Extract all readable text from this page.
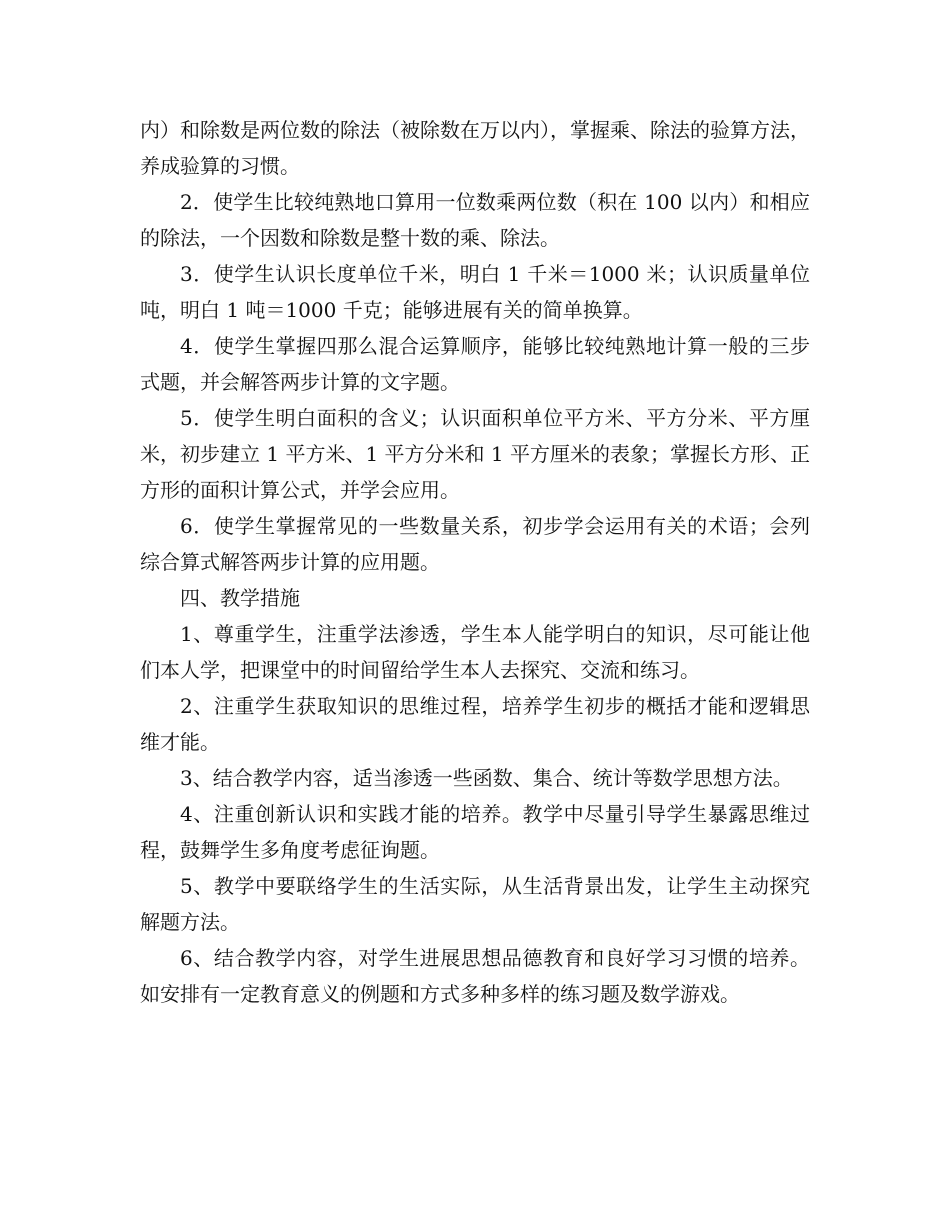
内）和除数是两位数的除法（被除数在万以内），掌握乘、除法的验算方法，养成验算的习惯。

2．使学生比较纯熟地口算用一位数乘两位数（积在 100 以内）和相应的除法，一个因数和除数是整十数的乘、除法。

3．使学生认识长度单位千米，明白 1 千米＝1000 米；认识质量单位吨，明白 1 吨＝1000 千克；能够进展有关的简单换算。

4．使学生掌握四那么混合运算顺序，能够比较纯熟地计算一般的三步式题，并会解答两步计算的文字题。

5．使学生明白面积的含义；认识面积单位平方米、平方分米、平方厘米，初步建立 1 平方米、1 平方分米和 1 平方厘米的表象；掌握长方形、正方形的面积计算公式，并学会应用。

6．使学生掌握常见的一些数量关系，初步学会运用有关的术语；会列综合算式解答两步计算的应用题。

四、教学措施

1、尊重学生，注重学法渗透，学生本人能学明白的知识，尽可能让他们本人学，把课堂中的时间留给学生本人去探究、交流和练习。

2、注重学生获取知识的思维过程，培养学生初步的概括才能和逻辑思维才能。

3、结合教学内容，适当渗透一些函数、集合、统计等数学思想方法。

4、注重创新认识和实践才能的培养。教学中尽量引导学生暴露思维过程，鼓舞学生多角度考虑征询题。

5、教学中要联络学生的生活实际，从生活背景出发，让学生主动探究解题方法。

6、结合教学内容，对学生进展思想品德教育和良好学习习惯的培养。如安排有一定教育意义的例题和方式多种多样的练习题及数学游戏。
